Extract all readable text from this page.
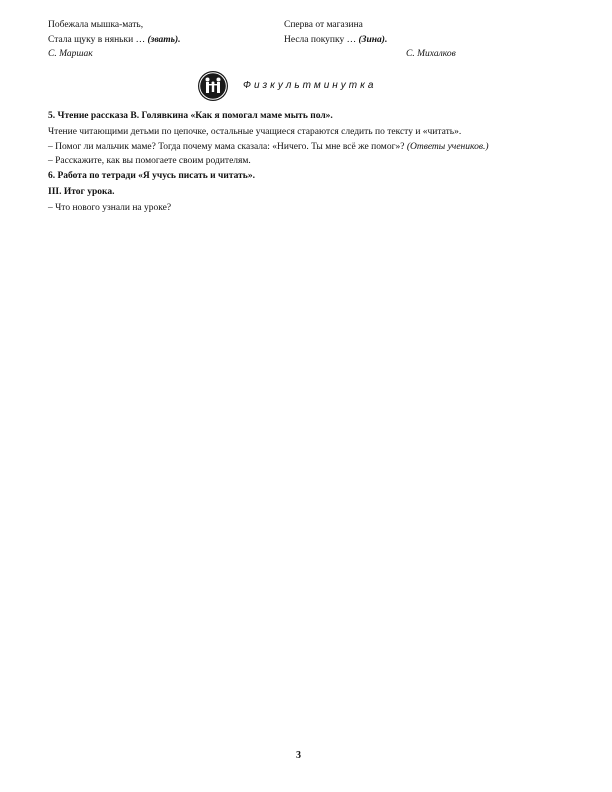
Побежала мышка-мать,
Стала щуку в няньки … (звать).
С. Маршак
Сперва от магазина
Несла покупку … (Зина).
С. Михалков
Физкультминутка
5. Чтение рассказа В. Голявкина «Как я помогал маме мыть пол».
Чтение читающими детьми по цепочке, остальные учащиеся стараются следить по тексту и «читать».
– Помог ли мальчик маме? Тогда почему мама сказала: «Ничего. Ты мне всё же помог»? (Ответы учеников.)
– Расскажите, как вы помогаете своим родителям.
6. Работа по тетради «Я учусь писать и читать».
III. Итог урока.
– Что нового узнали на уроке?
3
